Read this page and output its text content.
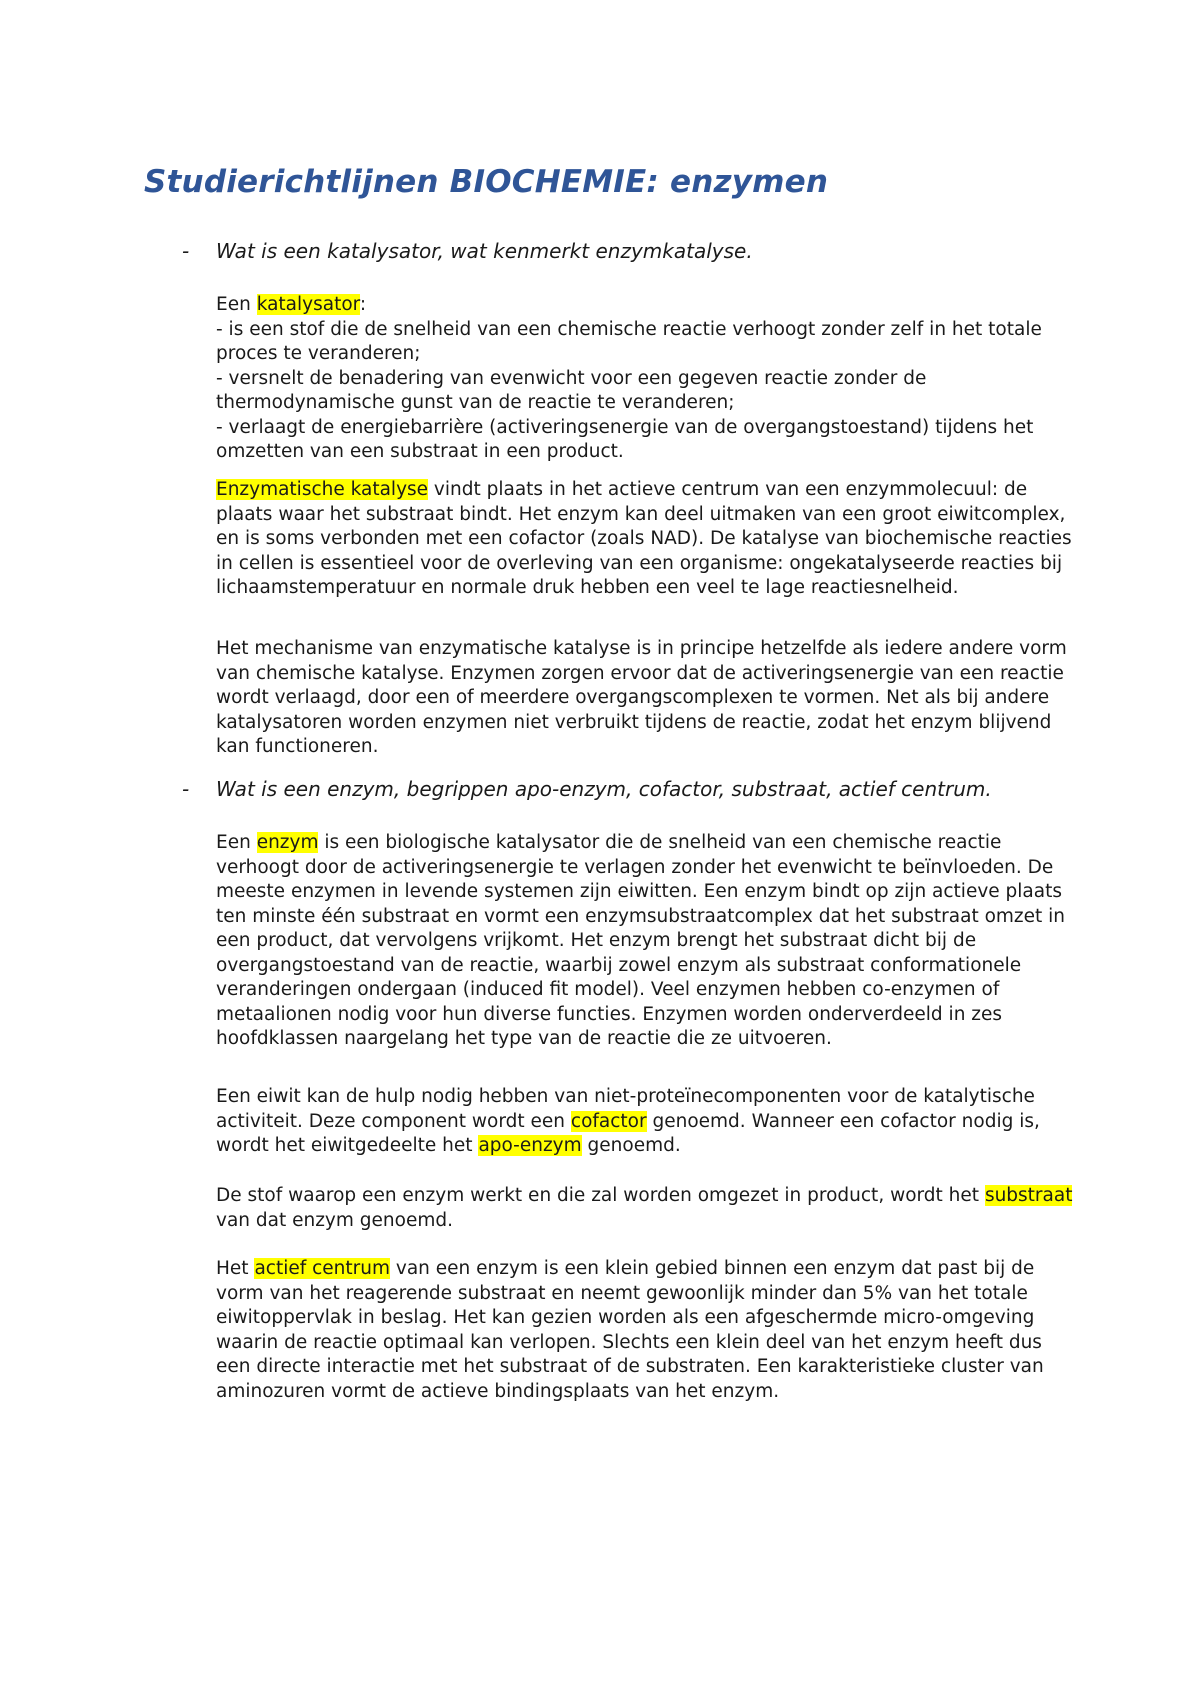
Studierichtlijnen BIOCHEMIE: enzymen
- Wat is een katalysator, wat kenmerkt enzymkatalyse.
Een katalysator:
- is een stof die de snelheid van een chemische reactie verhoogt zonder zelf in het totale proces te veranderen;
- versnelt de benadering van evenwicht voor een gegeven reactie zonder de thermodynamische gunst van de reactie te veranderen;
- verlaagt de energiebarrière (activeringsenergie van de overgangstoestand) tijdens het omzetten van een substraat in een product.

Enzymatische katalyse vindt plaats in het actieve centrum van een enzymmolecuul: de plaats waar het substraat bindt. Het enzym kan deel uitmaken van een groot eiwitcomplex, en is soms verbonden met een cofactor (zoals NAD). De katalyse van biochemische reacties in cellen is essentieel voor de overleving van een organisme: ongekatalyseerde reacties bij lichaamstemperatuur en normale druk hebben een veel te lage reactiesnelheid.

Het mechanisme van enzymatische katalyse is in principe hetzelfde als iedere andere vorm van chemische katalyse. Enzymen zorgen ervoor dat de activeringsenergie van een reactie wordt verlaagd, door een of meerdere overgangscomplexen te vormen. Net als bij andere katalysatoren worden enzymen niet verbruikt tijdens de reactie, zodat het enzym blijvend kan functioneren.

- Wat is een enzym, begrippen apo-enzym, cofactor, substraat, actief centrum.

Een enzym is een biologische katalysator die de snelheid van een chemische reactie verhoogt door de activeringsenergie te verlagen zonder het evenwicht te beïnvloeden. De meeste enzymen in levende systemen zijn eiwitten. Een enzym bindt op zijn actieve plaats ten minste één substraat en vormt een enzymsubstraatcomplex dat het substraat omzet in een product, dat vervolgens vrijkomt. Het enzym brengt het substraat dicht bij de overgangstoestand van de reactie, waarbij zowel enzym als substraat conformationele veranderingen ondergaan (induced fit model). Veel enzymen hebben co-enzymen of metaalionen nodig voor hun diverse functies. Enzymen worden onderverdeeld in zes hoofdklassen naargelang het type van de reactie die ze uitvoeren.

Een eiwit kan de hulp nodig hebben van niet-proteïnecomponenten voor de katalytische activiteit. Deze component wordt een cofactor genoemd. Wanneer een cofactor nodig is, wordt het eiwitgedeelte het apo-enzym genoemd.

De stof waarop een enzym werkt en die zal worden omgezet in product, wordt het substraat van dat enzym genoemd.

Het actief centrum van een enzym is een klein gebied binnen een enzym dat past bij de vorm van het reagerende substraat en neemt gewoonlijk minder dan 5% van het totale eiwitoppervlak in beslag. Het kan gezien worden als een afgeschermde micro-omgeving waarin de reactie optimaal kan verlopen. Slechts een klein deel van het enzym heeft dus een directe interactie met het substraat of de substraten. Een karakteristieke cluster van aminozuren vormt de actieve bindingsplaats van het enzym.
